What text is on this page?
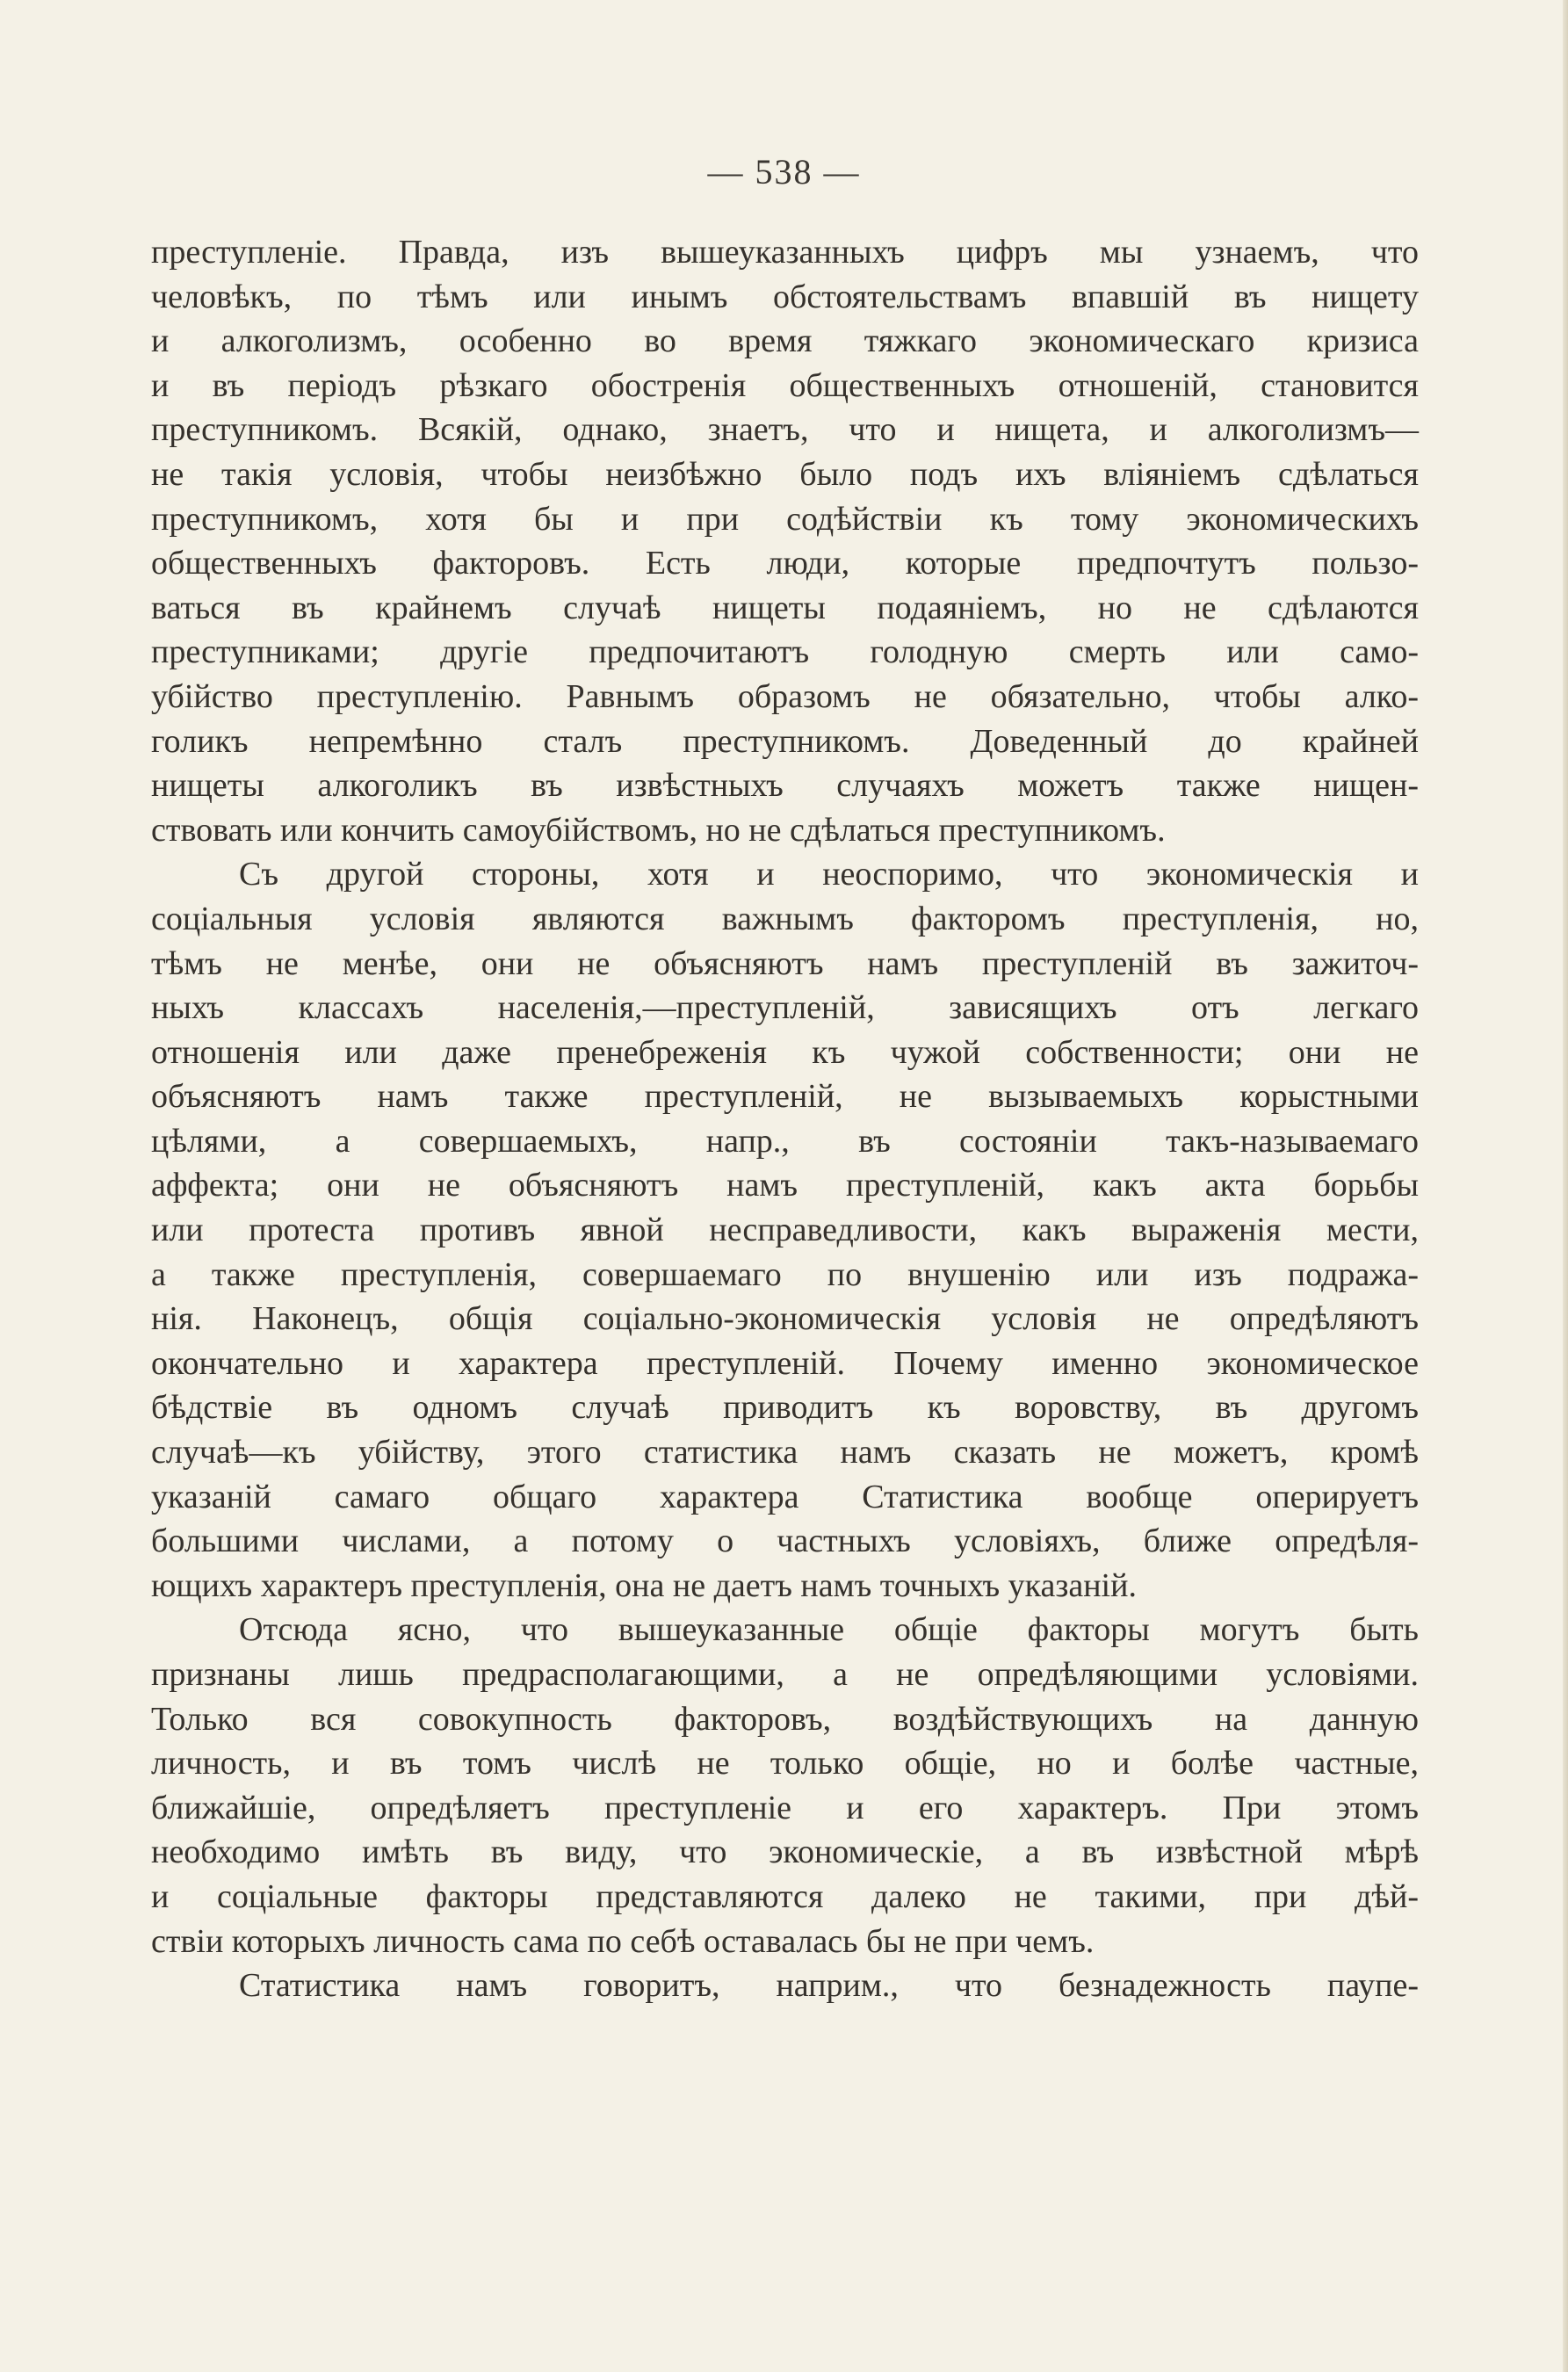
— 538 —
преступленіе. Правда, изъ вышеуказанныхъ цифръ мы узнаемъ, что
человѣкъ, по тѣмъ или инымъ обстоятельствамъ впавшій въ нищету
и алкоголизмъ, особенно во время тяжкаго экономическаго кризиса
и въ періодъ рѣзкаго обостренія общественныхъ отношеній, становится
преступникомъ. Всякій, однако, знаетъ, что и нищета, и алкоголизмъ—
не такія условія, чтобы неизбѣжно было подъ ихъ вліяніемъ сдѣлаться
преступникомъ, хотя бы и при содѣйствіи къ тому экономическихъ
общественныхъ факторовъ. Есть люди, которые предпочтутъ пользо-
ваться въ крайнемъ случаѣ нищеты подаяніемъ, но не сдѣлаются
преступниками; другіе предпочитаютъ голодную смерть или само-
убійство преступленію. Равнымъ образомъ не обязательно, чтобы алко-
голикъ непремѣнно сталъ преступникомъ. Доведенный до крайней
нищеты алкоголикъ въ извѣстныхъ случаяхъ можетъ также нищен-
ствовать или кончить самоубійствомъ, но не сдѣлаться преступникомъ.
Съ другой стороны, хотя и неоспоримо, что экономическія и
соціальныя условія являются важнымъ факторомъ преступленія, но,
тѣмъ не менѣе, они не объясняютъ намъ преступленій въ зажиточ-
ныхъ классахъ населенія,—преступленій, зависящихъ отъ легкаго
отношенія или даже пренебреженія къ чужой собственности; они не
объясняютъ намъ также преступленій, не вызываемыхъ корыстными
цѣлями, а совершаемыхъ, напр., въ состояніи такъ-называемаго
аффекта; они не объясняютъ намъ преступленій, какъ акта борьбы
или протеста противъ явной несправедливости, какъ выраженія мести,
а также преступленія, совершаемаго по внушенію или изъ подража-
нія. Наконецъ, общія соціально-экономическія условія не опредѣляютъ
окончательно и характера преступленій. Почему именно экономическое
бѣдствіе въ одномъ случаѣ приводитъ къ воровству, въ другомъ
случаѣ—къ убійству, этого статистика намъ сказать не можетъ, кромѣ
указаній самаго общаго характера Статистика вообще оперируетъ
большими числами, а потому о частныхъ условіяхъ, ближе опредѣля-
ющихъ характеръ преступленія, она не даетъ намъ точныхъ указаній.
Отсюда ясно, что вышеуказанные общіе факторы могутъ быть
признаны лишь предрасполагающими, а не опредѣляющими условіями.
Только вся совокупность факторовъ, воздѣйствующихъ на данную
личность, и въ томъ числѣ не только общіе, но и болѣе частные,
ближайшіе, опредѣляетъ преступленіе и его характеръ. При этомъ
необходимо имѣть въ виду, что экономическіе, а въ извѣстной мѣрѣ
и соціальные факторы представляются далеко не такими, при дѣй-
ствіи которыхъ личность сама по себѣ оставалась бы не при чемъ.
Статистика намъ говоритъ, наприм., что безнадежность паупе-
